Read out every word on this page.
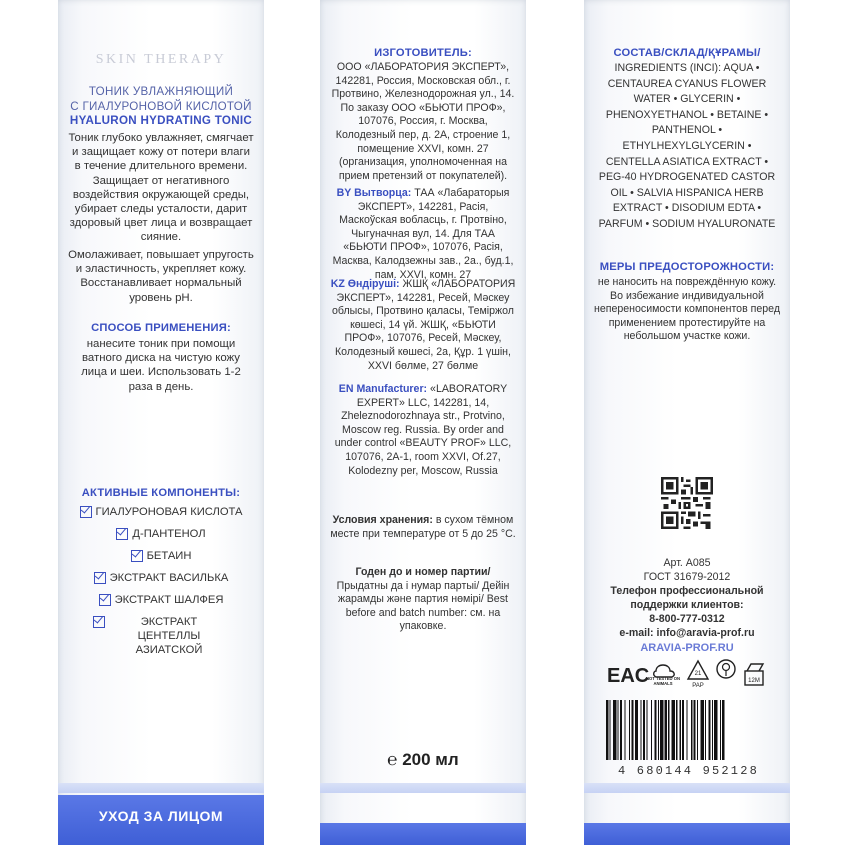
SKIN THERAPY
ТОНИК УВЛАЖНЯЮЩИЙ
С ГИАЛУРОНОВОЙ КИСЛОТОЙ
HYALURON HYDRATING TONIC
Тоник глубоко увлажняет, смягчает и защищает кожу от потери влаги в течение длительного времени. Защищает от негативного воздействия окружающей среды, убирает следы усталости, дарит здоровый цвет лица и возвращает сияние.
Омолаживает, повышает упругость и эластичность, укрепляет кожу. Восстанавливает нормальный уровень pH.
СПОСОБ ПРИМЕНЕНИЯ:
нанесите тоник при помощи ватного диска на чистую кожу лица и шеи. Использовать 1-2 раза в день.
АКТИВНЫЕ КОМПОНЕНТЫ:
ГИАЛУРОНОВАЯ КИСЛОТА
Д-ПАНТЕНОЛ
БЕТАИН
ЭКСТРАКТ ВАСИЛЬКА
ЭКСТРАКТ ШАЛФЕЯ
ЭКСТРАКТ ЦЕНТЕЛЛЫ АЗИАТСКОЙ
УХОД ЗА ЛИЦОМ
ИЗГОТОВИТЕЛЬ:
ООО «ЛАБОРАТОРИЯ ЭКСПЕРТ», 142281, Россия, Московская обл., г. Протвино, Железнодорожная ул., 14. По заказу ООО «БЬЮТИ ПРОФ», 107076, Россия, г. Москва, Колодезный пер, д. 2А, строение 1, помещение XXVI, комн. 27 (организация, уполномоченная на прием претензий от покупателей).
BY Вытворца: ТАА «Лабараторыя ЭКСПЕРТ», 142281, Расія, Маскоўская вобласць, г. Протвіно, Чыгуначная вул, 14. Для ТАА «БЬЮТИ ПРОФ», 107076, Расія, Масква, Калодзежны зав., 2а., буд.1, пам. XXVI, комн. 27
KZ Өндіруші: ЖШҚ «ЛАБОРАТОРИЯ ЭКСПЕРТ», 142281, Ресей, Мәскеу облысы, Протвино қаласы, Теміржол көшесі, 14 үй. ЖШҚ, «БЬЮТИ ПРОФ», 107076, Ресей, Мәскеу, Колодезный көшесі, 2а, Құр. 1 үшін, XXVI бөлме, 27 бөлме
EN Manufacturer: «LABORATORY EXPERT» LLC, 142281, 14, Zheleznodorozhnaya str., Protvino, Moscow reg. Russia. By order and under control «BEAUTY PROF» LLC, 107076, 2A-1, room XXVI, Of.27, Kolodezny per, Moscow, Russia
Условия хранения: в сухом тёмном месте при температуре от 5 до 25 °C.
Годен до и номер партии/ Прыдатны да і нумар партыі/ Дейін жарамды және партия нөмірі/ Best before and batch number: см. на упаковке.
℮ 200 мл
СОСТАВ/СКЛАД/ҚҰРАМЫ/
INGREDIENTS (INCI): AQUA • CENTAUREA CYANUS FLOWER WATER • GLYCERIN • PHENOXYETHANOL • BETAINE • PANTHENOL • ETHYLHEXYLGLYCERIN • CENTELLA ASIATICA EXTRACT • PEG-40 HYDROGENATED CASTOR OIL • SALVIA HISPANICA HERB EXTRACT • DISODIUM EDTA • PARFUM • SODIUM HYALURONATE
МЕРЫ ПРЕДОСТОРОЖНОСТИ:
не наносить на повреждённую кожу. Во избежание индивидуальной непереносимости компонентов перед применением протестируйте на небольшом участке кожи.
Арт. А085
ГОСТ 31679-2012
Телефон профессиональной поддержки клиентов:
8-800-777-0312
e-mail: info@aravia-prof.ru
ARAVIA-PROF.RU
EAC
NOT TESTED ON ANIMALS
21
PAP
12M
4 680144 952128
